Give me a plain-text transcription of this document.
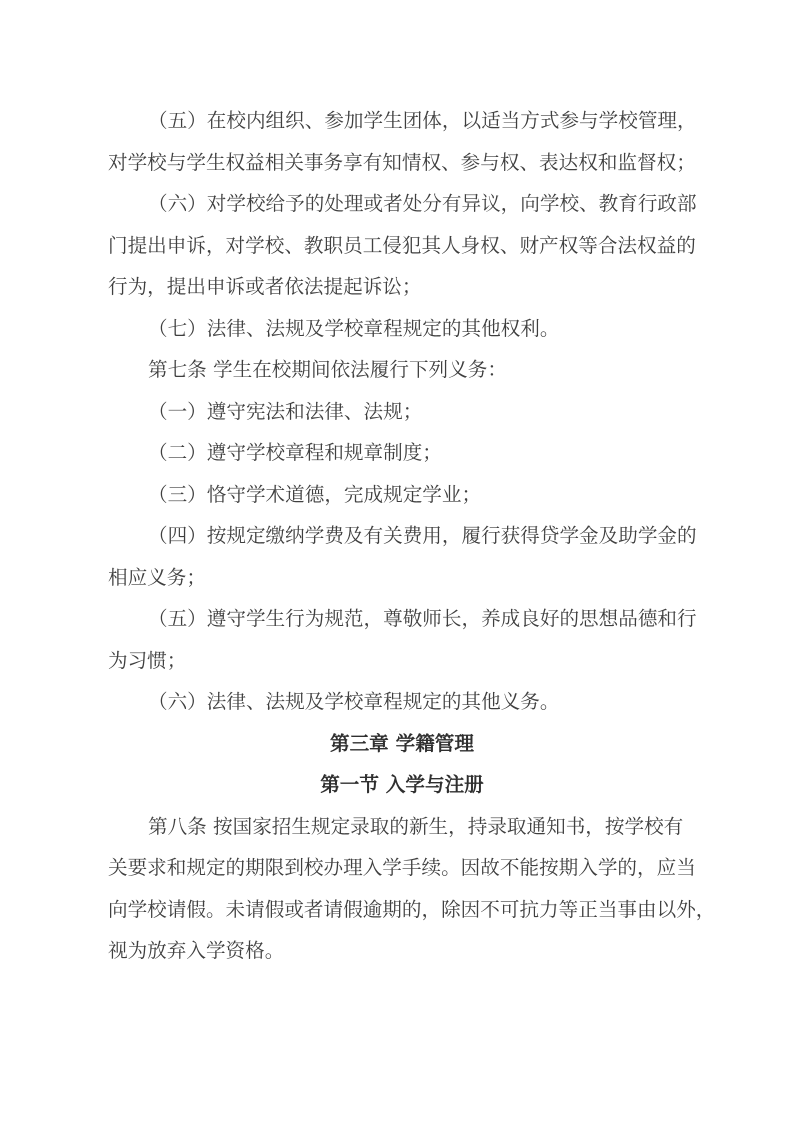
（五）在校内组织、参加学生团体，以适当方式参与学校管理，
对学校与学生权益相关事务享有知情权、参与权、表达权和监督权；
（六）对学校给予的处理或者处分有异议，向学校、教育行政部
门提出申诉，对学校、教职员工侵犯其人身权、财产权等合法权益的
行为，提出申诉或者依法提起诉讼；
（七）法律、法规及学校章程规定的其他权利。
第七条 学生在校期间依法履行下列义务：
（一）遵守宪法和法律、法规；
（二）遵守学校章程和规章制度；
（三）恪守学术道德，完成规定学业；
（四）按规定缴纳学费及有关费用，履行获得贷学金及助学金的
相应义务；
（五）遵守学生行为规范，尊敬师长，养成良好的思想品德和行
为习惯；
（六）法律、法规及学校章程规定的其他义务。
第三章 学籍管理
第一节 入学与注册
第八条 按国家招生规定录取的新生，持录取通知书，按学校有
关要求和规定的期限到校办理入学手续。因故不能按期入学的，应当
向学校请假。未请假或者请假逾期的，除因不可抗力等正当事由以外，
视为放弃入学资格。
